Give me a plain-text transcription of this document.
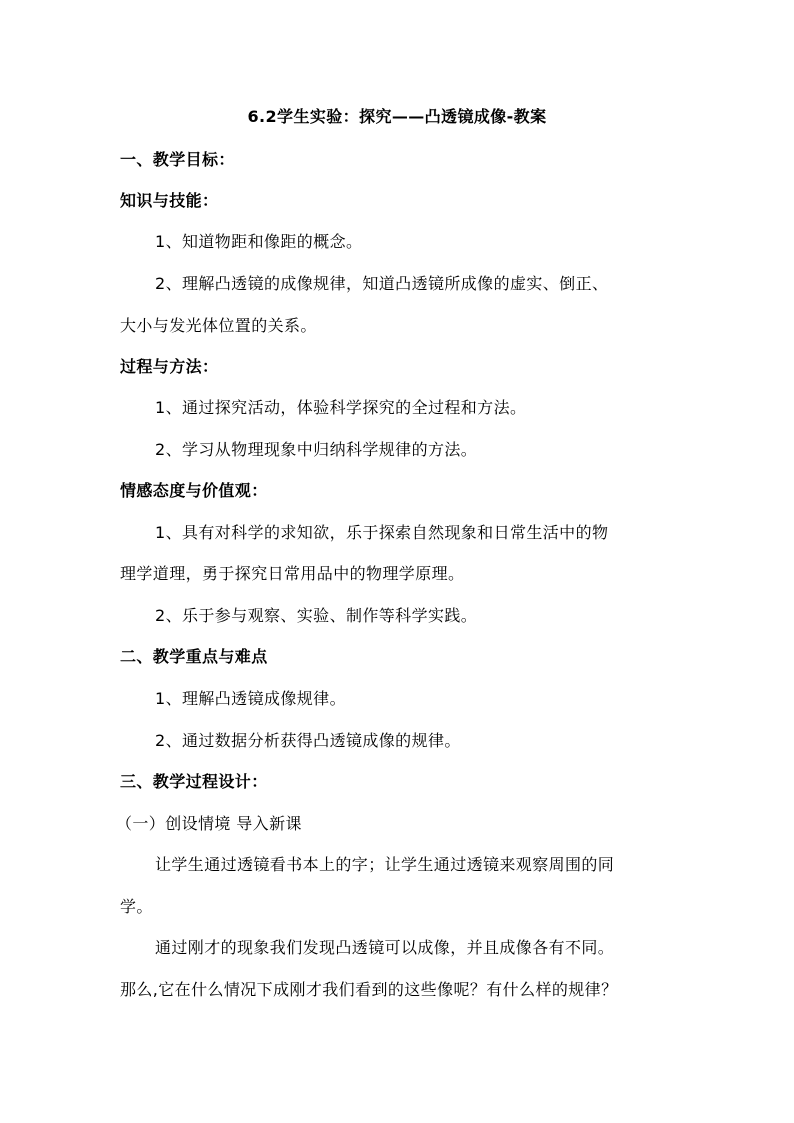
6.2学生实验：探究——凸透镜成像-教案
一、教学目标：
知识与技能：
1、知道物距和像距的概念。
2、理解凸透镜的成像规律，知道凸透镜所成像的虚实、倒正、
大小与发光体位置的关系。
过程与方法：
1、通过探究活动，体验科学探究的全过程和方法。
2、学习从物理现象中归纳科学规律的方法。
情感态度与价值观：
1、具有对科学的求知欲，乐于探索自然现象和日常生活中的物
理学道理，勇于探究日常用品中的物理学原理。
2、乐于参与观察、实验、制作等科学实践。
二、教学重点与难点
1、理解凸透镜成像规律。
2、通过数据分析获得凸透镜成像的规律。
三、教学过程设计：
（一）创设情境 导入新课
让学生通过透镜看书本上的字；让学生通过透镜来观察周围的同
学。
通过刚才的现象我们发现凸透镜可以成像，并且成像各有不同。
那么,它在什么情况下成刚才我们看到的这些像呢？有什么样的规律？
